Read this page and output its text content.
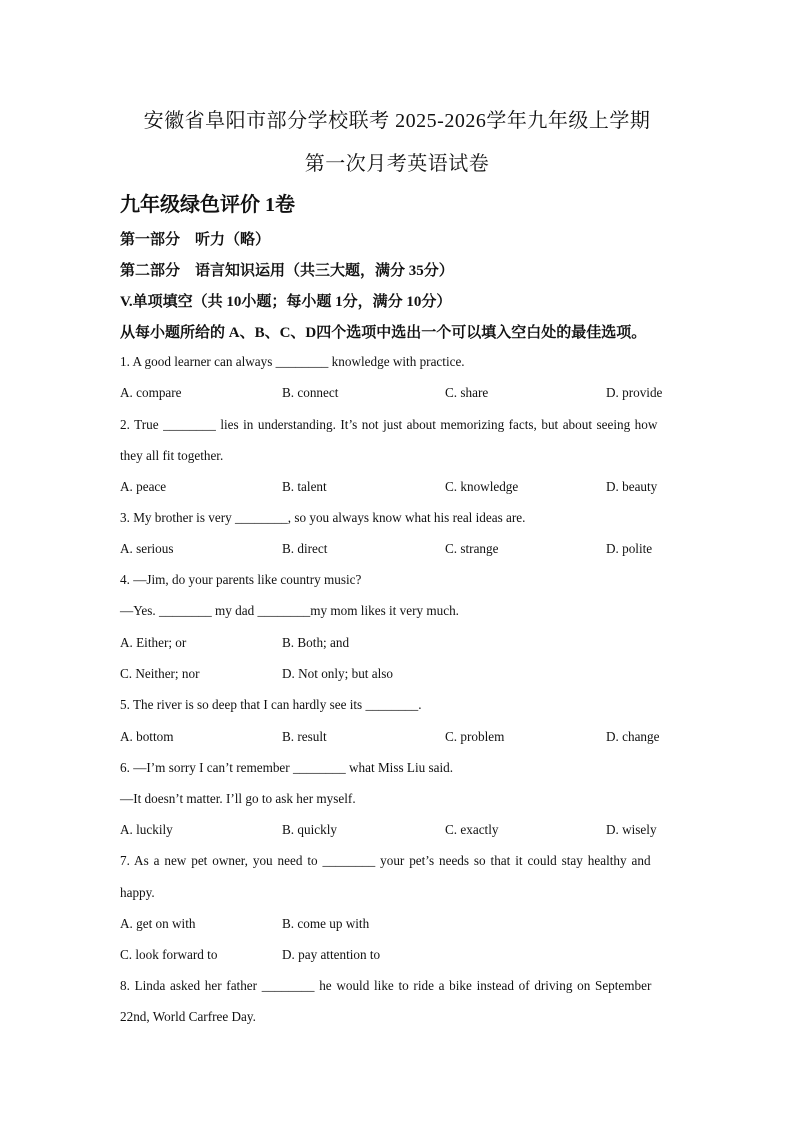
安徽省阜阳市部分学校联考 2025-2026学年九年级上学期
第一次月考英语试卷
九年级绿色评价 1卷
第一部分　听力（略）
第二部分　语言知识运用（共三大题，满分 35分）
V.单项填空（共 10小题；每小题 1分，满分 10分）
从每小题所给的 A、B、C、D四个选项中选出一个可以填入空白处的最佳选项。
1. A good learner can always ________ knowledge with practice.
A. compare	B. connect	C. share	D. provide
2. True ________ lies in understanding. It’s not just about memorizing facts, but about seeing how
they all fit together.
A. peace	B. talent	C. knowledge	D. beauty
3. My brother is very ________, so you always know what his real ideas are.
A. serious	B. direct	C. strange	D. polite
4. —Jim, do your parents like country music?
—Yes. ________ my dad ________my mom likes it very much.
A. Either; or	B. Both; and
C. Neither; nor	D. Not only; but also
5. The river is so deep that I can hardly see its ________.
A. bottom	B. result	C. problem	D. change
6. —I’m sorry I can’t remember ________ what Miss Liu said.
—It doesn’t matter. I’ll go to ask her myself.
A. luckily	B. quickly	C. exactly	D. wisely
7. As a new pet owner, you need to ________ your pet’s needs so that it could stay healthy and
happy.
A. get on with	B. come up with
C. look forward to	D. pay attention to
8. Linda asked her father ________ he would like to ride a bike instead of driving on September
22nd, World Carfree Day.
